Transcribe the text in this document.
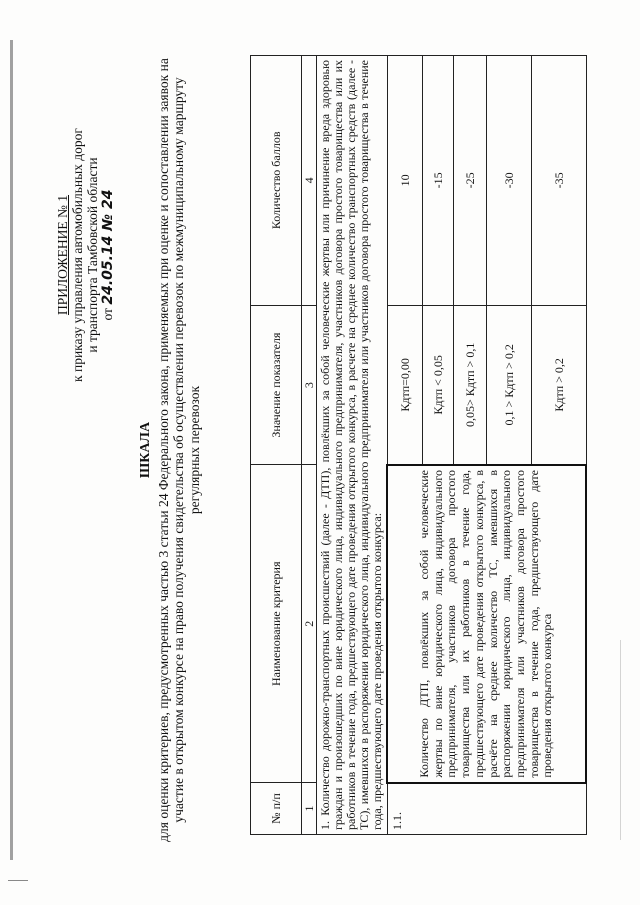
ПРИЛОЖЕНИЕ № 1 к приказу управления автомобильных дорог и транспорта Тамбовской области от 24.05.14 № 24
ШКАЛА для оценки критериев, предусмотренных частью 3 статьи 24 Федерального закона, применяемых при оценке и сопоставлении заявок на участие в открытом конкурсе на право получения свидетельства об осуществлении перевозок по межмуниципальному маршруту регулярных перевозок
№ п/п	Наименование критерия	Значение показателя	Количество баллов
1	2	3	4
1. Количество дорожно-транспортных происшествий (далее - ДТП), повлёкших за собой человеческие жертвы или причинение вреда здоровью граждан и произошедших по вине юридического лица, индивидуального предпринимателя, участников договора простого товарищества или их работников в течение года, предшествующего дате проведения открытого конкурса, в расчете на среднее количество транспортных средств (далее - ТС), имевшихся в распоряжении юридического лица, индивидуального предпринимателя или участников договора простого товарищества в течение года, предшествующего дате проведения открытого конкурса:			
1.1.	Количество ДТП, повлёкших за собой человеческие жертвы по вине юридического лица, индивидуального предпринимателя, участников договора простого товарищества или их работников в течение года, предшествующего дате проведения открытого конкурса, в расчёте на среднее количество ТС, имевшихся в распоряжении юридического лица, индивидуального предпринимателя или участников договора простого товарищества в течение года, предшествующего дате проведения открытого конкурса	Кдтп=0,00	10
		Кдтп < 0,05	-15
		0,05> Кдтп > 0,1	-25
		0,1 > Кдтп > 0,2	-30
		Кдтп > 0,2	-35
